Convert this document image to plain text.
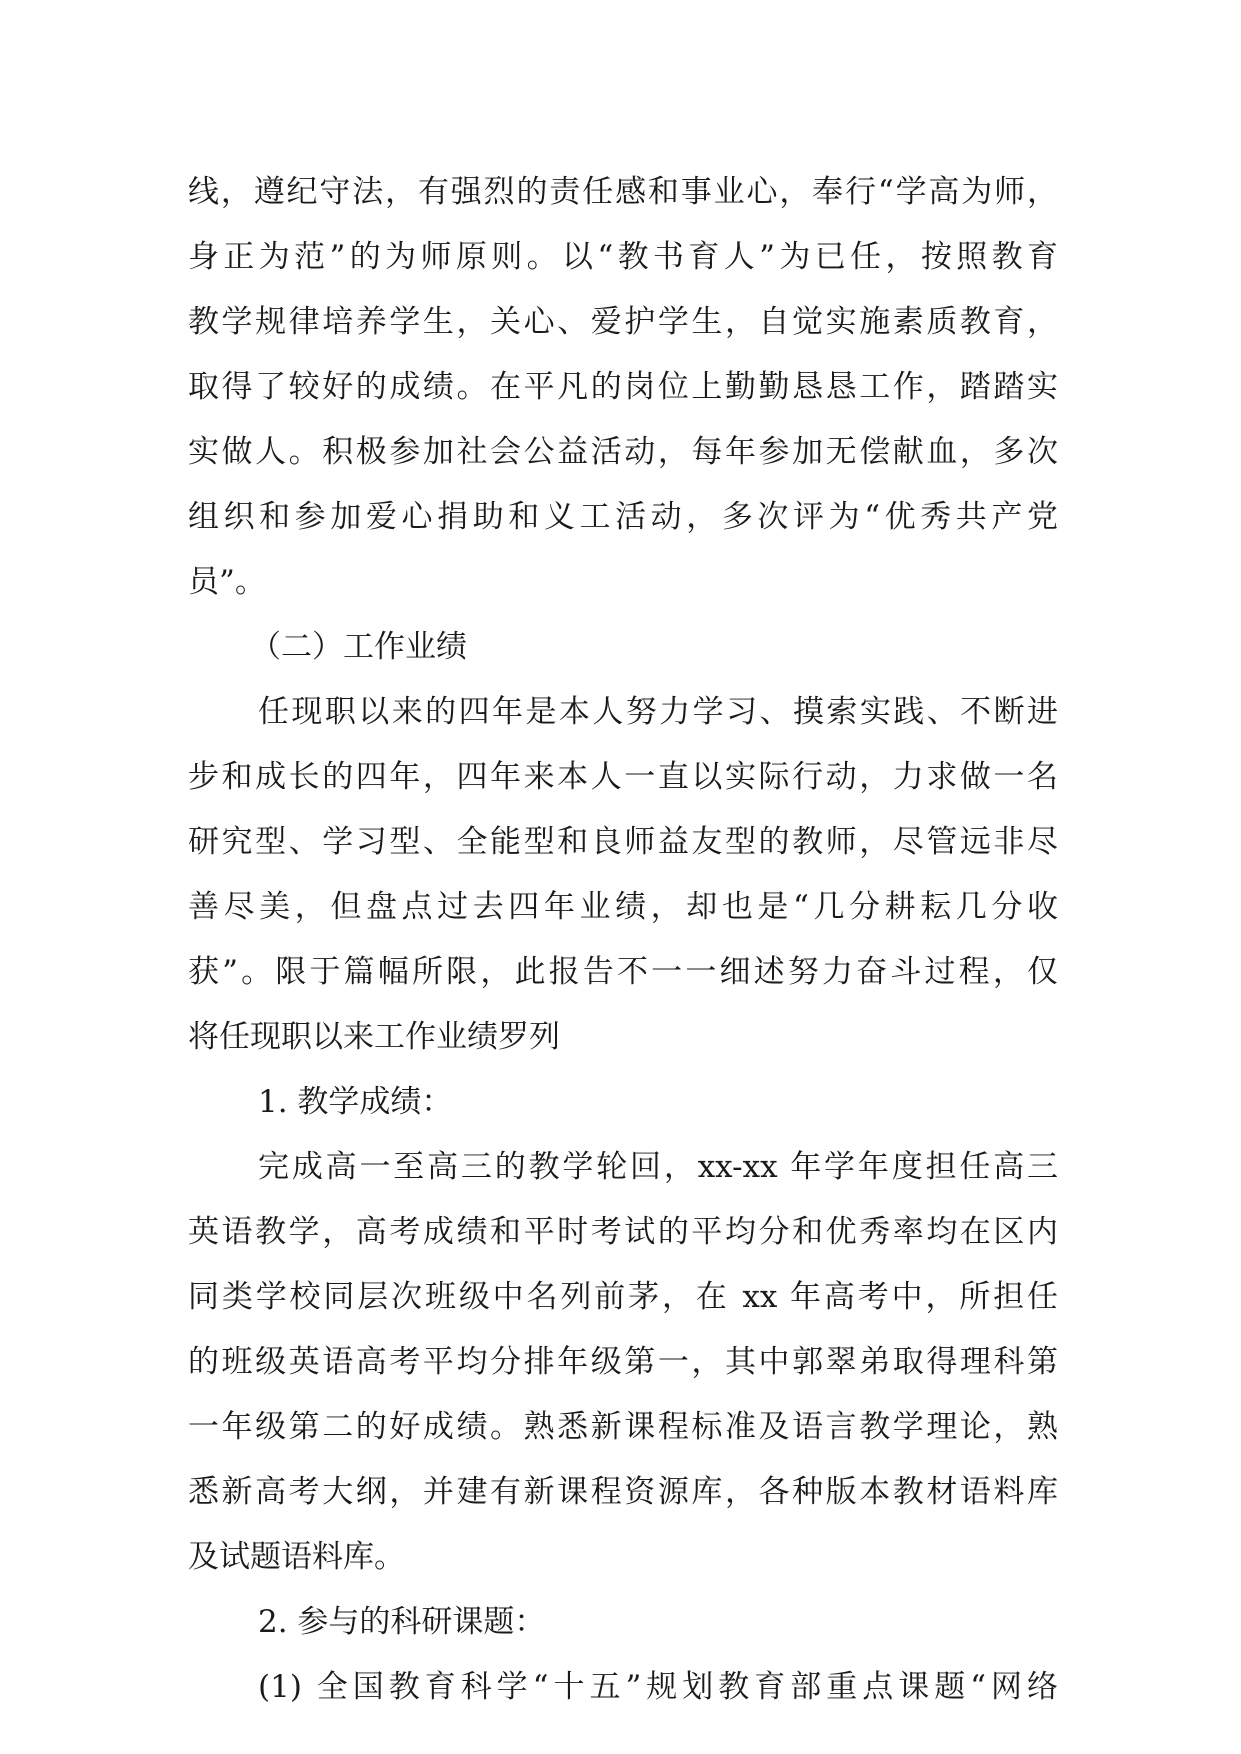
线，遵纪守法，有强烈的责任感和事业心，奉行“学高为师，
身正为范”的为师原则。以“教书育人”为已任，按照教育
教学规律培养学生，关心、爱护学生，自觉实施素质教育，
取得了较好的成绩。在平凡的岗位上勤勤恳恳工作，踏踏实
实做人。积极参加社会公益活动，每年参加无偿献血，多次
组织和参加爱心捐助和义工活动，多次评为“优秀共产党
员”。
（二）工作业绩
任现职以来的四年是本人努力学习、摸索实践、不断进
步和成长的四年，四年来本人一直以实际行动，力求做一名
研究型、学习型、全能型和良师益友型的教师，尽管远非尽
善尽美，但盘点过去四年业绩，却也是“几分耕耘几分收
获”。限于篇幅所限，此报告不一一细述努力奋斗过程，仅
将任现职以来工作业绩罗列
1. 教学成绩：
完成高一至高三的教学轮回，xx-xx 年学年度担任高三
英语教学，高考成绩和平时考试的平均分和优秀率均在区内
同类学校同层次班级中名列前茅，在 xx 年高考中，所担任
的班级英语高考平均分排年级第一，其中郭翠弟取得理科第
一年级第二的好成绩。熟悉新课程标准及语言教学理论，熟
悉新高考大纲，并建有新课程资源库，各种版本教材语料库
及试题语料库。
2. 参与的科研课题：
(1) 全国教育科学“十五”规划教育部重点课题“网络
